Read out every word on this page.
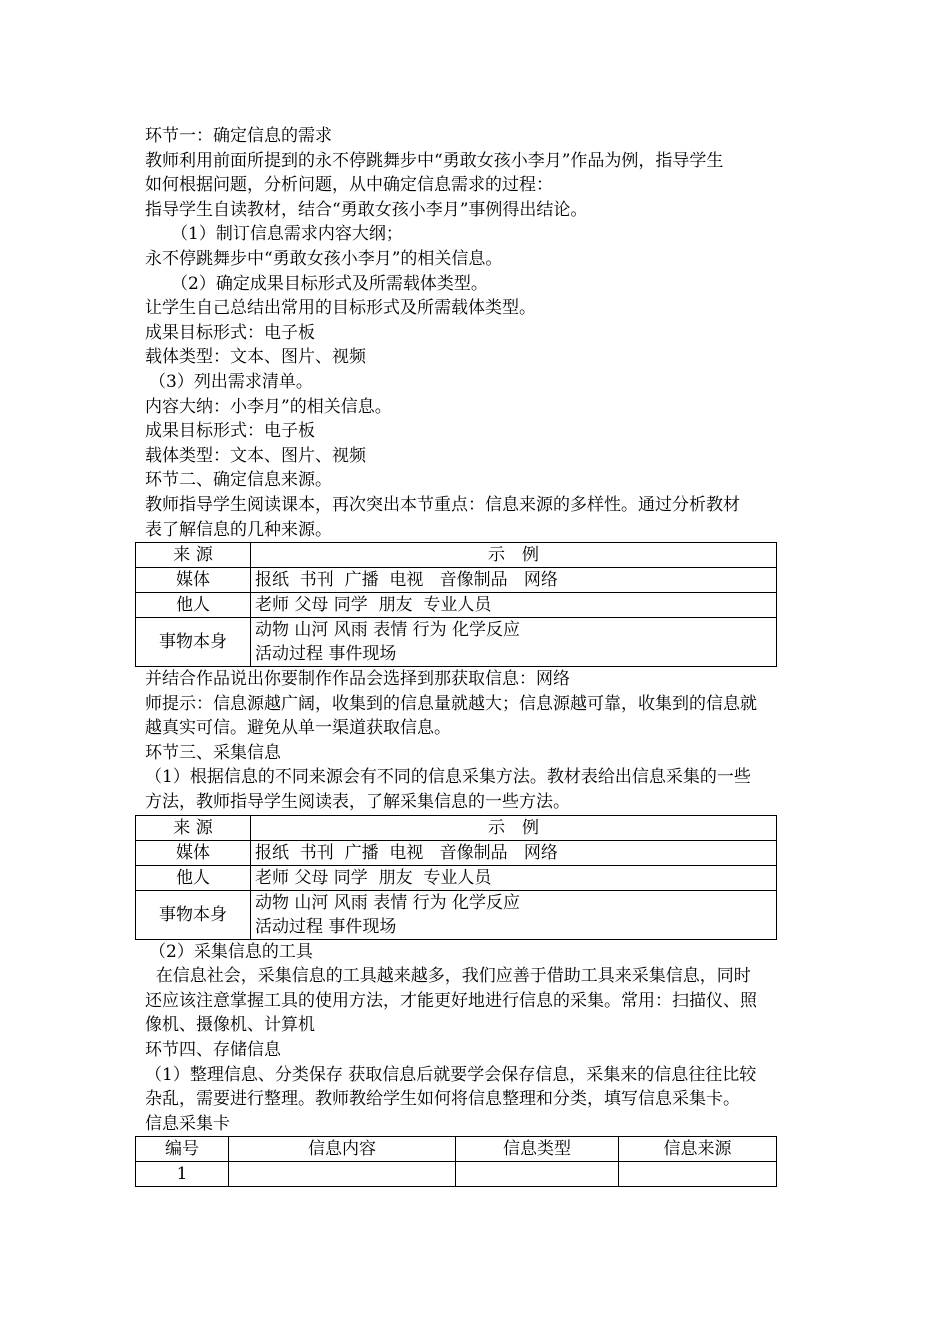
环节一：确定信息的需求

教师利用前面所提到的永不停跳舞步中“勇敢女孩小李月”作品为例，指导学生

如何根据问题，分析问题，从中确定信息需求的过程：

指导学生自读教材，结合“勇敢女孩小李月”事例得出结论。

（1）制订信息需求内容大纲；

永不停跳舞步中“勇敢女孩小李月”的相关信息。

（2）确定成果目标形式及所需载体类型。

让学生自己总结出常用的目标形式及所需载体类型。

成果目标形式：电子板

载体类型：文本、图片、视频

（3）列出需求清单。

内容大纳：小李月”的相关信息。

成果目标形式：电子板

载体类型：文本、图片、视频

环节二、确定信息来源。

教师指导学生阅读课本，再次突出本节重点：信息来源的多样性。通过分析教材

表了解信息的几种来源。

来 源	示　例
媒体	报纸  书刊  广播  电视   音像制品   网络
他人	老师 父母 同学  朋友  专业人员
事物本身	动物 山河 风雨 表情 行为 化学反应
活动过程 事件现场

并结合作品说出你要制作作品会选择到那获取信息：网络

师提示：信息源越广阔，收集到的信息量就越大；信息源越可靠，收集到的信息就

越真实可信。避免从单一渠道获取信息。

环节三、采集信息

（1）根据信息的不同来源会有不同的信息采集方法。教材表给出信息采集的一些

方法，教师指导学生阅读表，了解采集信息的一些方法。

来 源	示　例
媒体	报纸  书刊  广播  电视   音像制品   网络
他人	老师 父母 同学  朋友  专业人员
事物本身	动物 山河 风雨 表情 行为 化学反应
活动过程 事件现场

（2）采集信息的工具

在信息社会，采集信息的工具越来越多，我们应善于借助工具来采集信息，同时

还应该注意掌握工具的使用方法，才能更好地进行信息的采集。常用：扫描仪、照

像机、摄像机、计算机

环节四、存储信息

（1）整理信息、分类保存 获取信息后就要学会保存信息，采集来的信息往往比较

杂乱，需要进行整理。教师教给学生如何将信息整理和分类，填写信息采集卡。

信息采集卡

编号	信息内容	信息类型	信息来源
1			
